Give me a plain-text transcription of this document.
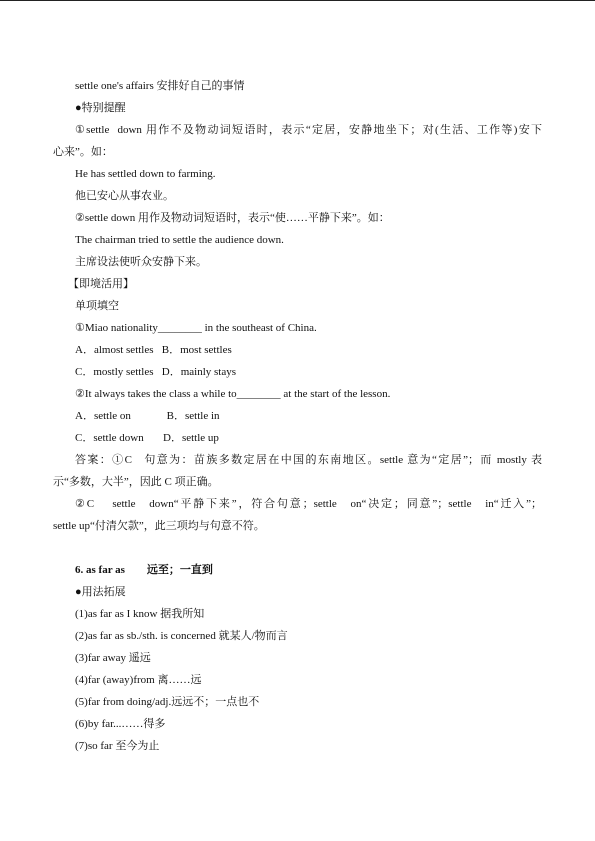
settle one's affairs 安排好自己的事情
●特别提醒
①settle  down 用作不及物动词短语时，表示“定居，安静地坐下；对(生活、工作等)安下
心来”。如：
He has settled down to farming.
他已安心从事农业。
②settle down 用作及物动词短语时，表示“使……平静下来”。如：
The chairman tried to settle the audience down.
主席设法使听众安静下来。
【即境活用】
单项填空
①Miao nationality________ in the southeast of China.
A．almost settles   B．most settles
C．mostly settles   D．mainly stays
②It always takes the class a while to________ at the start of the lesson.
A．settle on             B．settle in
C．settle down       D．settle up
答案：①C   句意为：苗族多数定居在中国的东南地区。settle 意为“定居”；而 mostly 表
示“多数，大半”，因此 C 项正确。
②C    settle   down“平静下来”，符合句意；settle   on“决定；同意”；settle   in“迁入”；
settle up“付清欠款”，此三项均与句意不符。
6. as far as 远至；一直到
●用法拓展
(1)as far as I know 据我所知
(2)as far as sb./sth. is concerned 就某人/物而言
(3)far away 遥远
(4)far (away)from 离……远
(5)far from doing/adj.远远不；一点也不
(6)by far...……得多
(7)so far 至今为止
